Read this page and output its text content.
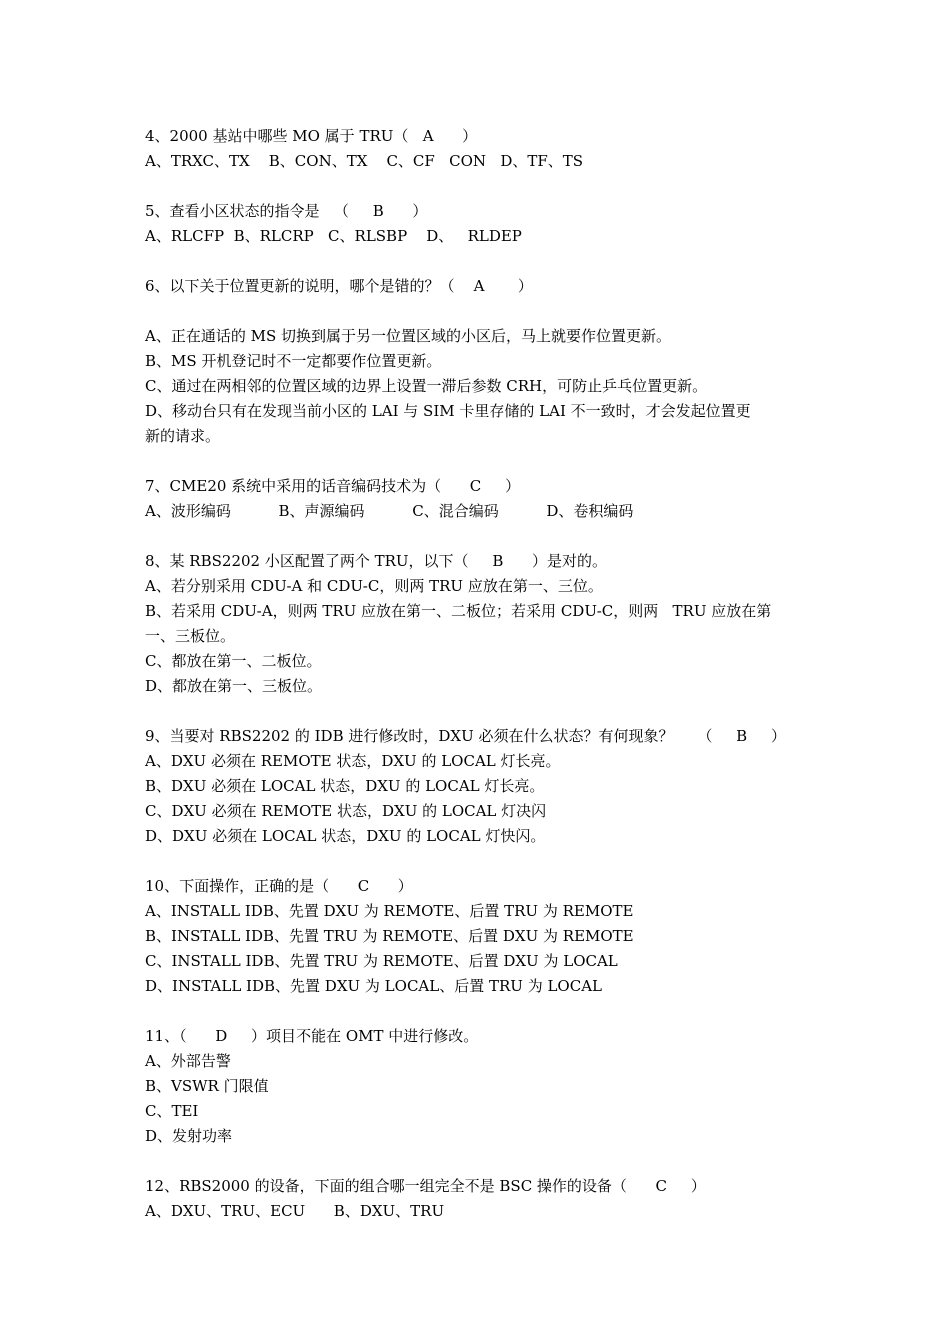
4、2000 基站中哪些 MO 属于 TRU（   A      ）
A、TRXC、TX    B、CON、TX    C、CF   CON   D、TF、TS
5、查看小区状态的指令是   （     B      ）
A、RLCFP  B、RLCRP   C、RLSBP    D、   RLDEP
6、以下关于位置更新的说明，哪个是错的？（    A       ）
A、正在通话的 MS 切换到属于另一位置区域的小区后，马上就要作位置更新。
B、MS 开机登记时不一定都要作位置更新。
C、通过在两相邻的位置区域的边界上设置一滞后参数 CRH，可防止乒乓位置更新。
D、移动台只有在发现当前小区的 LAI 与 SIM 卡里存储的 LAI 不一致时，才会发起位置更
新的请求。
7、CME20 系统中采用的话音编码技术为（      C     ）
A、波形编码          B、声源编码          C、混合编码          D、卷积编码
8、某 RBS2202 小区配置了两个 TRU，以下（     B      ）是对的。
A、若分别采用 CDU-A 和 CDU-C，则两 TRU 应放在第一、三位。
B、若采用 CDU-A，则两 TRU 应放在第一、二板位；若采用 CDU-C，则两   TRU 应放在第
一、三板位。
C、都放在第一、二板位。
D、都放在第一、三板位。
9、当要对 RBS2202 的 IDB 进行修改时，DXU 必须在什么状态？有何现象？     （     B     ）
A、DXU 必须在 REMOTE 状态，DXU 的 LOCAL 灯长亮。
B、DXU 必须在 LOCAL 状态，DXU 的 LOCAL 灯长亮。
C、DXU 必须在 REMOTE 状态，DXU 的 LOCAL 灯决闪
D、DXU 必须在 LOCAL 状态，DXU 的 LOCAL 灯快闪。
10、下面操作，正确的是（      C      ）
A、INSTALL IDB、先置 DXU 为 REMOTE、后置 TRU 为 REMOTE
B、INSTALL IDB、先置 TRU 为 REMOTE、后置 DXU 为 REMOTE
C、INSTALL IDB、先置 TRU 为 REMOTE、后置 DXU 为 LOCAL
D、INSTALL IDB、先置 DXU 为 LOCAL、后置 TRU 为 LOCAL
11、（      D     ）项目不能在 OMT 中进行修改。
A、外部告警
B、VSWR 门限值
C、TEI
D、发射功率
12、RBS2000 的设备，下面的组合哪一组完全不是 BSC 操作的设备（      C     ）
A、DXU、TRU、ECU      B、DXU、TRU
